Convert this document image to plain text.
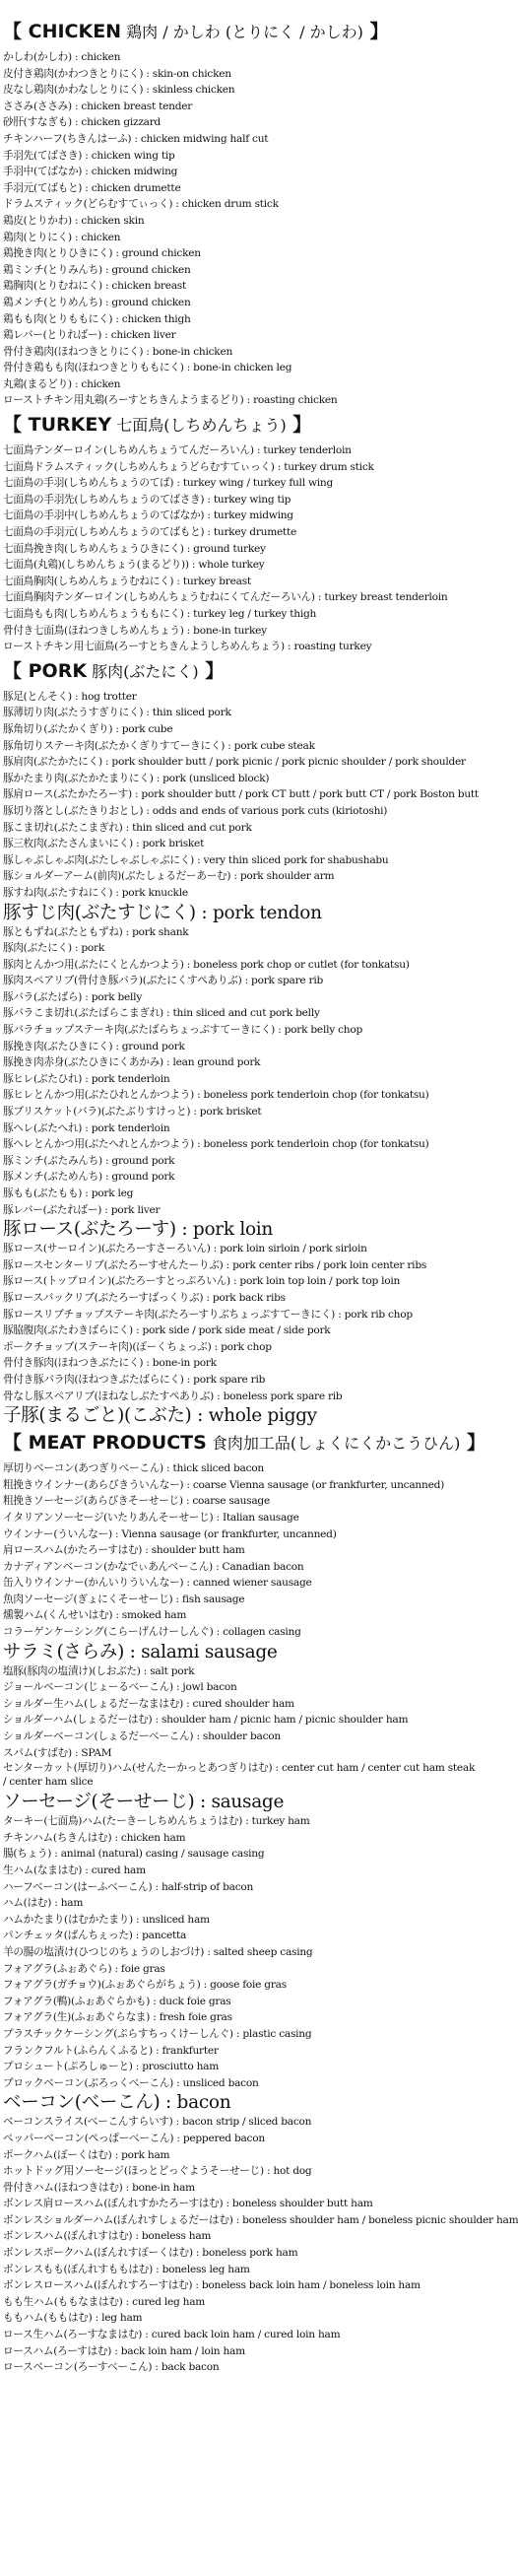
【 CHICKEN 鶏肉 / かしわ (とりにく / かしわ) 】
かしわ(かしわ) : chicken
皮付き鶏肉(かわつきとりにく) : skin-on chicken
皮なし鶏肉(かわなしとりにく) : skinless chicken
ささみ(ささみ) : chicken breast tender
砂肝(すなぎも) : chicken gizzard
チキンハーフ(ちきんはーふ) : chicken midwing half cut
手羽先(てばさき) : chicken wing tip
手羽中(てばなか) : chicken midwing
手羽元(てばもと) : chicken drumette
ドラムスティック(どらむすてぃっく) : chicken drum stick
鶏皮(とりかわ) : chicken skin
鶏肉(とりにく) : chicken
鶏挽き肉(とりひきにく) : ground chicken
鶏ミンチ(とりみんち) : ground chicken
鶏胸肉(とりむねにく) : chicken breast
鶏メンチ(とりめんち) : ground chicken
鶏もも肉(とりももにく) : chicken thigh
鶏レバー(とりればー) : chicken liver
骨付き鶏肉(ほねつきとりにく) : bone-in chicken
骨付き鶏もも肉(ほねつきとりももにく) : bone-in chicken leg
丸鶏(まるどり) : chicken
ローストチキン用丸鶏(ろーすとちきんようまるどり) : roasting chicken
【 TURKEY 七面鳥(しちめんちょう) 】
七面鳥テンダーロイン(しちめんちょうてんだーろいん) : turkey tenderloin
七面鳥ドラムスティック(しちめんちょうどらむすてぃっく) : turkey drum stick
七面鳥の手羽(しちめんちょうのてば) : turkey wing / turkey full wing
七面鳥の手羽先(しちめんちょうのてばさき) : turkey wing tip
七面鳥の手羽中(しちめんちょうのてばなか) : turkey midwing
七面鳥の手羽元(しちめんちょうのてばもと) : turkey drumette
七面鳥挽き肉(しちめんちょうひきにく) : ground turkey
七面鳥(丸鶏)(しちめんちょう(まるどり)) : whole turkey
七面鳥胸肉(しちめんちょうむねにく) : turkey breast
七面鳥胸肉テンダーロイン(しちめんちょうむねにくてんだーろいん) : turkey breast tenderloin
七面鳥もも肉(しちめんちょうももにく) : turkey leg / turkey thigh
骨付き七面鳥(ほねつきしちめんちょう) : bone-in turkey
ローストチキン用七面鳥(ろーすとちきんようしちめんちょう) : roasting turkey
【 PORK 豚肉(ぶたにく) 】
豚足(とんそく) : hog trotter
豚薄切り肉(ぶたうすぎりにく) : thin sliced pork
豚角切り(ぶたかくぎり) : pork cube
豚角切りステーキ肉(ぶたかくぎりすてーきにく) : pork cube steak
豚肩肉(ぶたかたにく) : pork shoulder butt / pork picnic / pork picnic shoulder / pork shoulder
豚かたまり肉(ぶたかたまりにく) : pork (unsliced block)
豚肩ロース(ぶたかたろーす) : pork shoulder butt / pork CT butt / pork butt CT / pork Boston butt
豚切り落とし(ぶたきりおとし) : odds and ends of various pork cuts (kiriotoshi)
豚こま切れ(ぶたこまぎれ) : thin sliced and cut pork
豚三枚肉(ぶたさんまいにく) : pork brisket
豚しゃぶしゃぶ肉(ぶたしゃぶしゃぶにく) : very thin sliced pork for shabushabu
豚ショルダーアーム(前肉)(ぶたしょるだーあーむ) : pork shoulder arm
豚すね肉(ぶたすねにく) : pork knuckle
豚すじ肉(ぶたすじにく) : pork tendon
豚ともずね(ぶたともずね) : pork shank
豚肉(ぶたにく) : pork
豚肉とんかつ用(ぶたにくとんかつよう) : boneless pork chop or cutlet (for tonkatsu)
豚肉スペアリブ(骨付き豚バラ)(ぶたにくすぺありぶ) : pork spare rib
豚バラ(ぶたばら) : pork belly
豚バラこま切れ(ぶたばらこまぎれ) : thin sliced and cut pork belly
豚バラチョップステーキ肉(ぶたばらちょっぷすてーきにく) : pork belly chop
豚挽き肉(ぶたひきにく) : ground pork
豚挽き肉赤身(ぶたひきにくあかみ) : lean ground pork
豚ヒレ(ぶたひれ) : pork tenderloin
豚ヒレとんかつ用(ぶたひれとんかつよう) : boneless pork tenderloin chop (for tonkatsu)
豚ブリスケット(バラ)(ぶたぶりすけっと) : pork brisket
豚ヘレ(ぶたへれ) : pork tenderloin
豚ヘレとんかつ用(ぶたへれとんかつよう) : boneless pork tenderloin chop (for tonkatsu)
豚ミンチ(ぶたみんち) : ground pork
豚メンチ(ぶためんち) : ground pork
豚もも(ぶたもも) : pork leg
豚レバー(ぶたればー) : pork liver
豚ロース(ぶたろーす) : pork loin
豚ロース(サーロイン)(ぶたろーすさーろいん) : pork loin sirloin / pork sirloin
豚ロースセンターリブ(ぶたろーすせんたーりぶ) : pork center ribs / pork loin center ribs
豚ロース(トップロイン)(ぶたろーすとっぷろいん) : pork loin top loin / pork top loin
豚ロースバックリブ(ぶたろーすばっくりぶ) : pork back ribs
豚ロースリブチョップステーキ肉(ぶたろーすりぶちょっぷすてーきにく) : pork rib chop
豚脇腹肉(ぶたわきばらにく) : pork side / pork side meat / side pork
ポークチョップ(ステーキ肉)(ぽーくちょっぷ) : pork chop
骨付き豚肉(ほねつきぶたにく) : bone-in pork
骨付き豚バラ肉(ほねつきぶたばらにく) : pork spare rib
骨なし豚スペアリブ(ほねなしぶたすぺありぶ) : boneless pork spare rib
子豚(まるごと)(こぶた) : whole piggy
【 MEAT PRODUCTS 食肉加工品(しょくにくかこうひん) 】
厚切りベーコン(あつぎりべーこん) : thick sliced bacon
粗挽きウインナー(あらびきういんなー) : coarse Vienna sausage (or frankfurter, uncanned)
粗挽きソーセージ(あらびきそーせーじ) : coarse sausage
イタリアンソーセージ(いたりあんそーせーじ) : Italian sausage
ウインナー(ういんなー) : Vienna sausage (or frankfurter, uncanned)
肩ロースハム(かたろーすはむ) : shoulder butt ham
カナディアンベーコン(かなでぃあんべーこん) : Canadian bacon
缶入りウインナー(かんいりういんなー) : canned wiener sausage
魚肉ソーセージ(ぎょにくそーせーじ) : fish sausage
燻製ハム(くんせいはむ) : smoked ham
コラーゲンケーシング(こらーげんけーしんぐ) : collagen casing
サラミ(さらみ) : salami sausage
塩豚(豚肉の塩漬け)(しおぶた) : salt pork
ジョールベーコン(じょーるべーこん) : jowl bacon
ショルダー生ハム(しょるだーなまはむ) : cured shoulder ham
ショルダーハム(しょるだーはむ) : shoulder ham / picnic ham / picnic shoulder ham
ショルダーベーコン(しょるだーべーこん) : shoulder bacon
スパム(すぱむ) : SPAM
センターカット(厚切り)ハム(せんたーかっとあつぎりはむ) : center cut ham / center cut ham steak / center ham slice
ソーセージ(そーせーじ) : sausage
ターキー(七面鳥)ハム(たーきーしちめんちょうはむ) : turkey ham
チキンハム(ちきんはむ) : chicken ham
腸(ちょう) : animal (natural) casing / sausage casing
生ハム(なまはむ) : cured ham
ハーフベーコン(はーふべーこん) : half-strip of bacon
ハム(はむ) : ham
ハムかたまり(はむかたまり) : unsliced ham
パンチェッタ(ぱんちぇった) : pancetta
羊の腸の塩漬け(ひつじのちょうのしおづけ) : salted sheep casing
フォアグラ(ふぉあぐら) : foie gras
フォアグラ(ガチョウ)(ふぉあぐらがちょう) : goose foie gras
フォアグラ(鴨)(ふぉあぐらかも) : duck foie gras
フォアグラ(生)(ふぉあぐらなま) : fresh foie gras
プラスチックケーシング(ぷらすちっくけーしんぐ) : plastic casing
フランクフルト(ふらんくふると) : frankfurter
プロシュート(ぷろしゅーと) : prosciutto ham
ブロックベーコン(ぶろっくべーこん) : unsliced bacon
ベーコン(べーこん) : bacon
ベーコンスライス(べーこんすらいす) : bacon strip / sliced bacon
ペッパーベーコン(ぺっぱーべーこん) : peppered bacon
ポークハム(ぽーくはむ) : pork ham
ホットドッグ用ソーセージ(ほっとどっぐようそーせーじ) : hot dog
骨付きハム(ほねつきはむ) : bone-in ham
ボンレス肩ロースハム(ぼんれすかたろーすはむ) : boneless shoulder butt ham
ボンレスショルダーハム(ぼんれすしょるだーはむ) : boneless shoulder ham / boneless picnic shoulder ham
ボンレスハム(ぼんれすはむ) : boneless ham
ボンレスポークハム(ぼんれすぽーくはむ) : boneless pork ham
ボンレスもも(ぼんれすももはむ) : boneless leg ham
ボンレスロースハム(ぼんれすろーすはむ) : boneless back loin ham / boneless loin ham
もも生ハム(ももなまはむ) : cured leg ham
ももハム(ももはむ) : leg ham
ロース生ハム(ろーすなまはむ) : cured back loin ham / cured loin ham
ロースハム(ろーすはむ) : back loin ham / loin ham
ロースベーコン(ろーすべーこん) : back bacon
